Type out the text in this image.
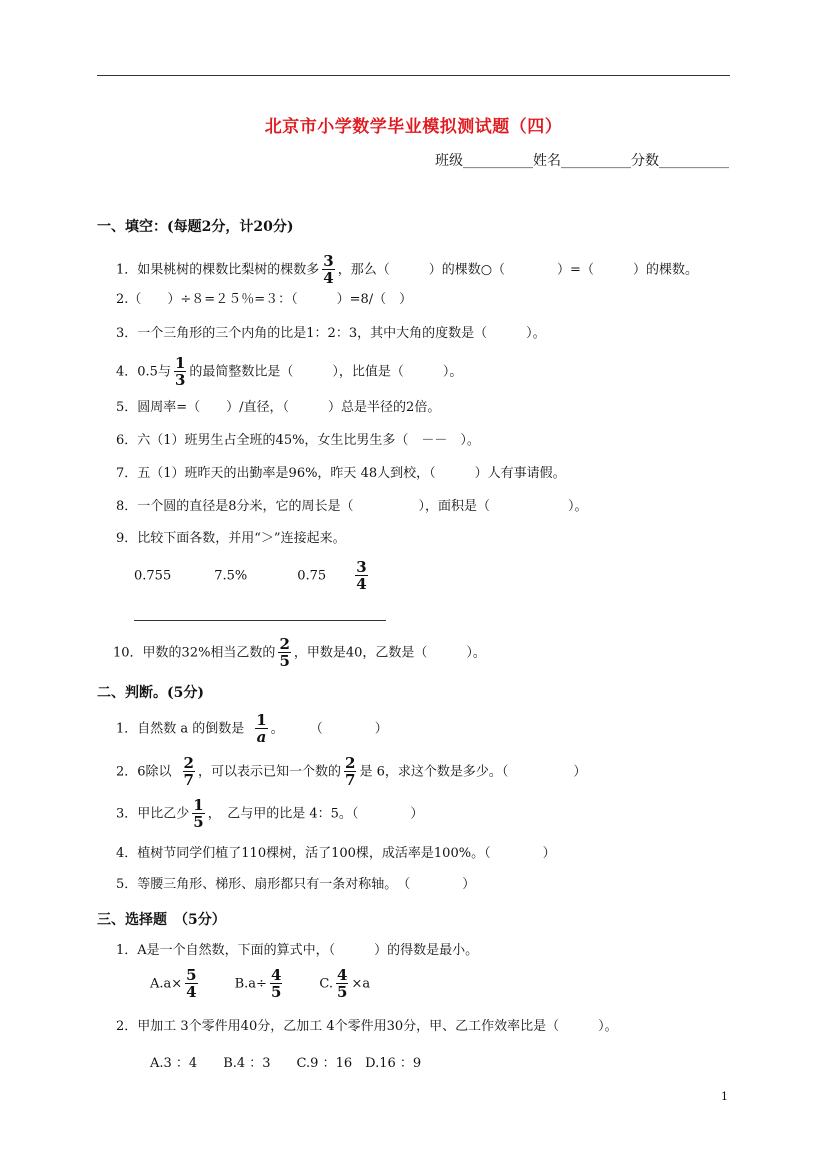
北京市小学数学毕业模拟测试题（四）
班级__________姓名__________分数__________
一、填空：(每题2分，计20分)
1．如果桃树的棵数比梨树的棵数多 $\frac{3}{4}$ ，那么（　　　）的棵数○（　　　　）=（　　　）的棵数。
2.（　　）÷８=２５％=３：（　　　）=8/（　）
3．一个三角形的三个内角的比是1：2：3，其中大角的度数是（　　　）。
4．0.5与 $\frac{1}{3}$ 的最简整数比是（　　　），比值是（　　　）。
5．圆周率=（　　）/直径，（　　　）总是半径的2倍。
6．六（1）班男生占全班的45%，女生比男生多（　－－　）。
7．五（1）班昨天的出勤率是96%，昨天 48人到校，（　　　）人有事请假。
8．一个圆的直径是8分米，它的周长是（　　　　　），面积是（　　　　　　）。
9．比较下面各数，并用“＞”连接起来。
0.755	7.5%	$0.75 \frac{3}{4}$
10．甲数的32%相当乙数的 $\frac{2}{5}$ ，甲数是40，乙数是（　　　）。
二、判断。(5分)
1．自然数 a 的倒数是 $\frac{1}{a}$ 。　　　（　　　　）
2．6除以 $\frac{2}{7}$ ，可以表示已知一个数的 $\frac{2}{7}$ 是 6，求这个数是多少。（　　　　　）
3．甲比乙少 $\frac{1}{5}$ ，　乙与甲的比是 4：5。（　　　　）
4．植树节同学们植了110棵树，活了100棵，成活率是100%。（　　　　）
5．等腰三角形、梯形、扇形都只有一条对称轴。　（　　　　）
三、选择题　（5分）
1．A是一个自然数，下面的算式中，（　　　）的得数是最小。
$A.a\times \frac{5}{4}$	$B.a\div \frac{4}{5}$	C. $\frac{4}{5} \times a$
2．甲加工 3个零件用40分，乙加工 4个零件用30分，甲、乙工作效率比是（　　　）。
A.3 ：4　　B.4 ：3　　C.9 ：16　D.16 ：9
1
